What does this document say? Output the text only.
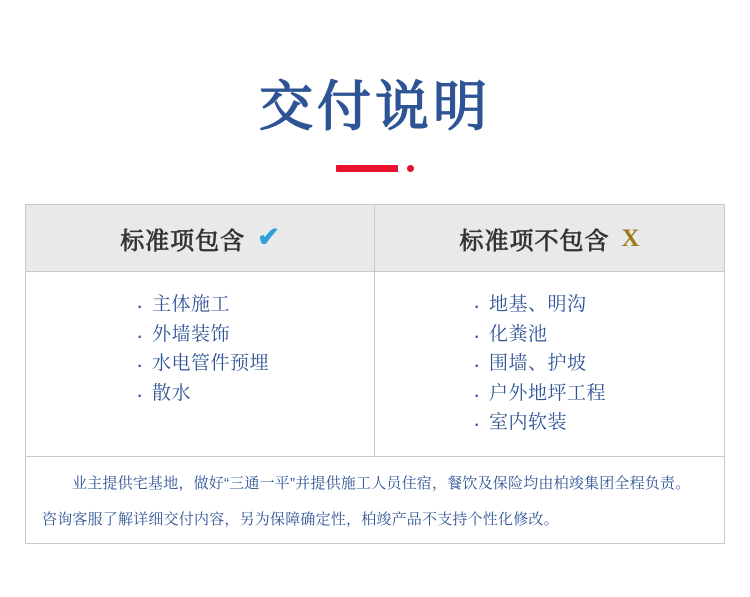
交付说明
标准项包含 ✔	标准项不包含 X
· 主体施工
· 外墙装饰
· 水电管件预埋
· 散水
· 地基、明沟
· 化粪池
· 围墙、护坡
· 户外地坪工程
· 室内软装
业主提供宅基地，做好“三通一平”并提供施工人员住宿，餐饮及保险均由柏竣集团全程负责。
咨询客服了解详细交付内容，另为保障确定性，柏竣产品不支持个性化修改。
